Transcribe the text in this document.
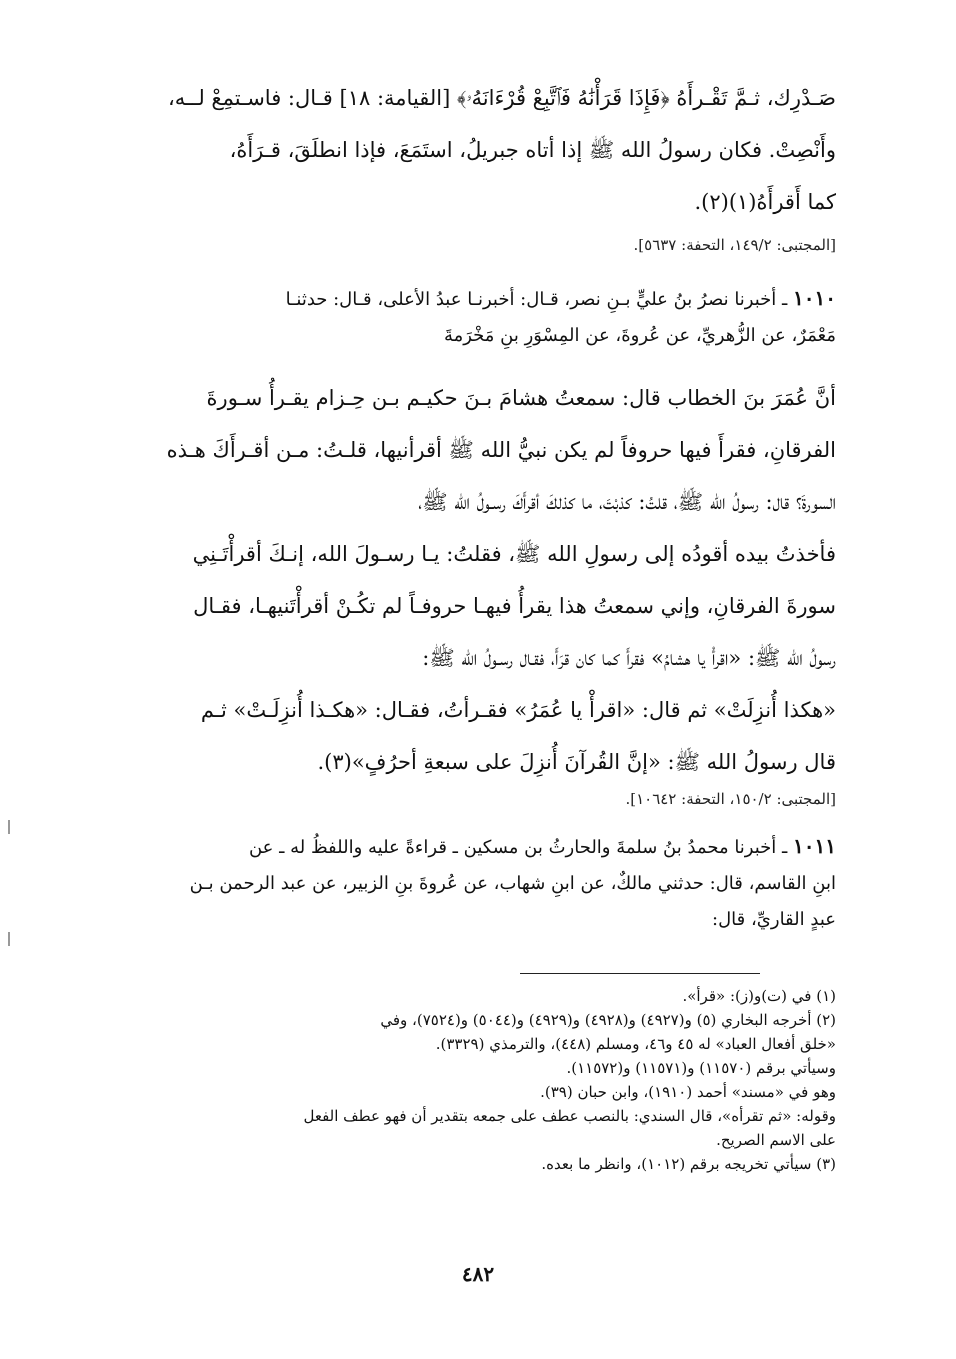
صَـدْرِك، ثـمَّ تَقْـرأَهُ ﴿فَإِذَا قَرَأْنَٰهُ فَٱتَّبِعْ قُرْءَانَهُۥ﴾ [القيامة: ١٨] قـال: فاسـتمِعْ لــه،
وأَنْصِتْ. فكان رسولُ الله ﷺ إذا أتاه جبريلُ، استَمَعَ، فإذا انطلَقَ، قـرَأَهُ،
كما أَقرأَهُ(١)(٢).
[المجتبى: ١٤٩/٢، التحفة: ٥٦٣٧].
١٠١٠ ـ أخبرنا نصرُ بنُ عليٍّ بـنِ نصر، قـال: أخبرنـا عبدُ الأعلى، قـال: حدثنـا
مَعْمَرٌ، عن الزُّهريِّ، عن عُروةَ، عن المِسْوَرِ بنِ مَخْرَمةَ
أنَّ عُمَرَ بنَ الخطاب قال: سمعتُ هشامَ بـنَ حكيـم بـن حِـزام يقـرأُ سـورةَ
الفرقانِ، فقرأَ فيها حروفاً لم يكن نبيُّ الله ﷺ أقرأنيها، قلـتُ: مـن أقـرأَكَ هـذه
السورةَ؟ قال: رسولُ الله ﷺ، قلتُ: كذبْتَ، ما كذلكَ أقرأَكَ رسـولُ الله ﷺ،
فأخذتُ بيده أقودُه إلى رسولِ الله ﷺ، فقلتُ: يـا رسـولَ الله، إنـكَ أقرأْتَـنِي
سورةَ الفرقانِ، وإني سمعتُ هذا يقرأُ فيهـا حروفـاً لم تكُـنْ أقرأْتَنيهـا، فقـال
رسولُ الله ﷺ: «اقرأْ يا هشامُ» فقرأَ كما كان قرَأَ، فقـال رسـولُ الله ﷺ:
«هكذا أُنزِلَتْ» ثم قال: «اقرأْ يا عُمَرُ» فقـرأتُ، فقـال: «هكـذا أُنزِلَـتْ» ثـم
قال رسولُ الله ﷺ: «إنَّ القُرآنَ أُنزِلَ على سبعةِ أحرُفٍ»(٣).
[المجتبى: ١٥٠/٢، التحفة: ١٠٦٤٢].
١٠١١ ـ أخبرنا محمدُ بنُ سلمةَ والحارثُ بن مسكين ـ قراءةً عليه واللفظُ له ـ عن
ابنِ القاسم، قال: حدثني مالكٌ، عن ابنِ شهاب، عن عُروةَ بنِ الزبير، عن عبد الرحمن بـن
عبدٍ القاريِّ، قال:
(١) في (ت)و(ز): «قرأ».
(٢) أخرجه البخاري (٥) و(٤٩٢٧) و(٤٩٢٨) و(٤٩٢٩) و(٥٠٤٤) و(٧٥٢٤)، وفي
«خلق أفعال العباد» له ٤٥ و٤٦، ومسلم (٤٤٨)، والترمذي (٣٣٢٩).
وسيأتي برقم (١١٥٧٠) و(١١٥٧١) و(١١٥٧٢).
وهو في «مسند» أحمد (١٩١٠)، وابن حبان (٣٩).
وقوله: «ثم تقرأه»، قال السندي: بالنصب عطف على جمعه بتقدير أن فهو عطف الفعل
على الاسم الصريح.
(٣) سيأتي تخريجه برقم (١٠١٢)، وانظر ما بعده.
٤٨٢
